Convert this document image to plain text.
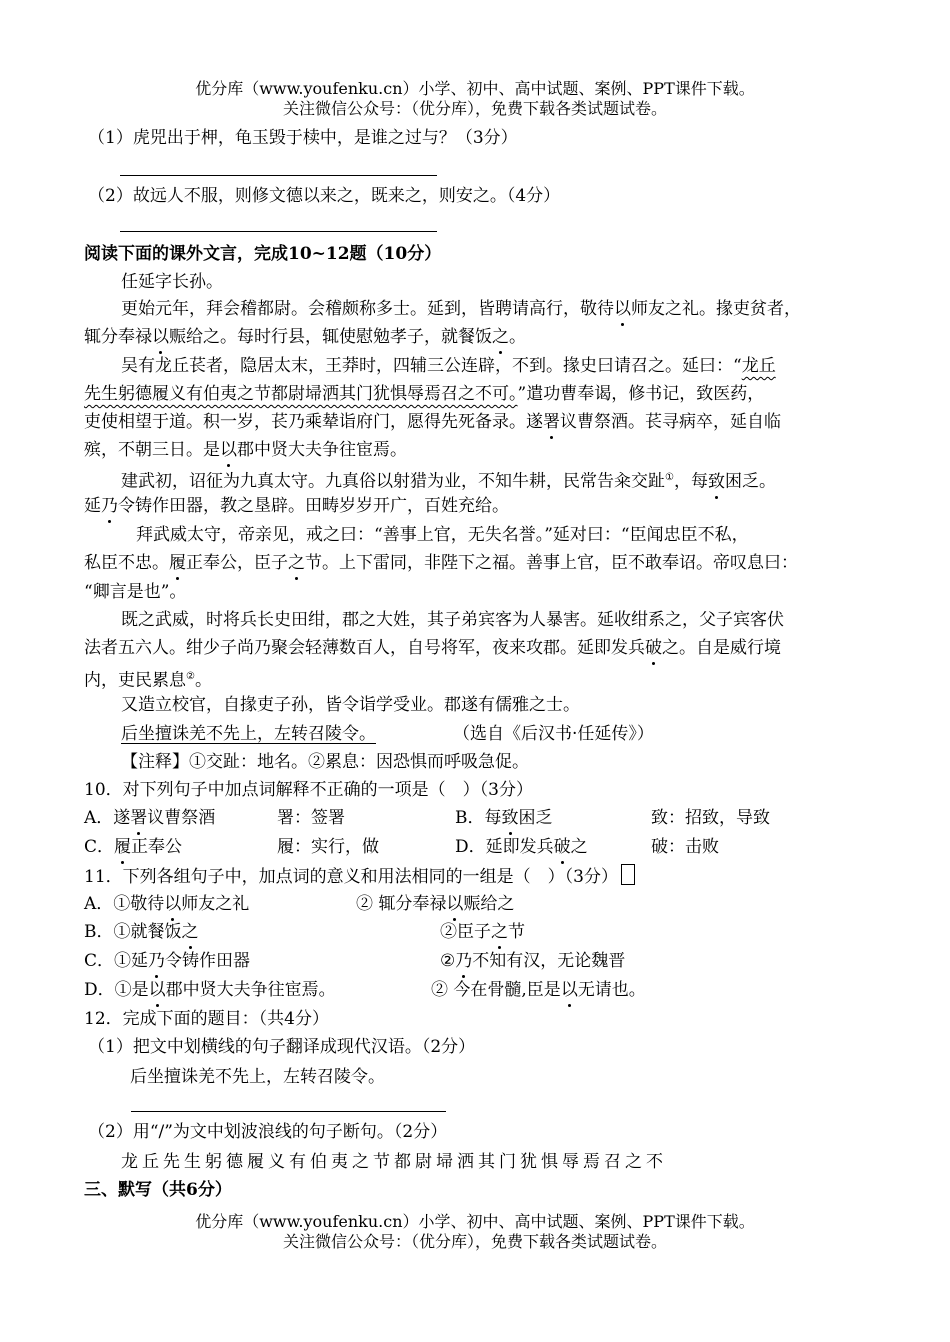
优分库（www.youfenku.cn）小学、初中、高中试题、案例、PPT课件下载。
关注微信公众号：（优分库），免费下载各类试题试卷。
（1）虎兕出于柙，龟玉毁于椟中，是谁之过与？（3分）
（2）故远人不服，则修文德以来之，既来之，则安之。（4分）
阅读下面的课外文言，完成10~12题（10分）
任延字长孙。
更始元年，拜会稽都尉。会稽颇称多士。延到，皆聘请高行，敬待以师友之礼。掾吏贫者，
辄分奉禄以赈给之。每时行县，辄使慰勉孝子，就餐饭之。
吴有龙丘苌者，隐居太末，王莽时，四辅三公连辟，不到。掾史曰请召之。延曰：“龙丘
先生躬德履义有伯夷之节都尉埽洒其门犹惧辱焉召之不可。”遣功曹奉谒，修书记，致医药，
吏使相望于道。积一岁，苌乃乘辇诣府门，愿得先死备录。遂署议曹祭酒。苌寻病卒，延自临
殡，不朝三日。是以郡中贤大夫争往宦焉。
建武初，诏征为九真太守。九真俗以射猎为业，不知牛耕，民常告籴交趾①，每致困乏。
延乃令铸作田器，教之垦辟。田畴岁岁开广，百姓充给。
拜武威太守，帝亲见，戒之曰：“善事上官，无失名誉。”延对曰：“臣闻忠臣不私，
私臣不忠。履正奉公，臣子之节。上下雷同，非陛下之福。善事上官，臣不敢奉诏。帝叹息曰：
“卿言是也”。
既之武威，时将兵长史田绀，郡之大姓，其子弟宾客为人暴害。延收绀系之，父子宾客伏
法者五六人。绀少子尚乃聚会轻薄数百人，自号将军，夜来攻郡。延即发兵破之。自是威行境
内，吏民累息②。
又造立校官，自掾吏子孙，皆令诣学受业。郡遂有儒雅之士。
后坐擅诛羌不先上，左转召陵令。	（选自《后汉书·任延传》）
【注释】①交趾：地名。②累息：因恐惧而呼吸急促。
10．对下列句子中加点词解释不正确的一项是（　）（3分）
A．遂署议曹祭酒	署：签署	B．每致困乏	致：招致，导致
C．履正奉公	履：实行，做	D．延即发兵破之	破：击败
11．下列各组句子中，加点词的意义和用法相同的一组是（　）（3分）
A．①敬待以师友之礼	② 辄分奉禄以赈给之
B．①就餐饭之	②臣子之节
C．①延乃令铸作田器	②乃不知有汉，无论魏晋
D．①是以郡中贤大夫争往宦焉。	② 今在骨髓,臣是以无请也。
12．完成下面的题目：（共4分）
（1）把文中划横线的句子翻译成现代汉语。（2分）
后坐擅诛羌不先上，左转召陵令。
（2）用“/”为文中划波浪线的句子断句。（2分）
龙丘先生躬德履义有伯夷之节都尉埽洒其门犹惧辱焉召之不
三、默写（共6分）
优分库（www.youfenku.cn）小学、初中、高中试题、案例、PPT课件下载。
关注微信公众号：（优分库），免费下载各类试题试卷。
